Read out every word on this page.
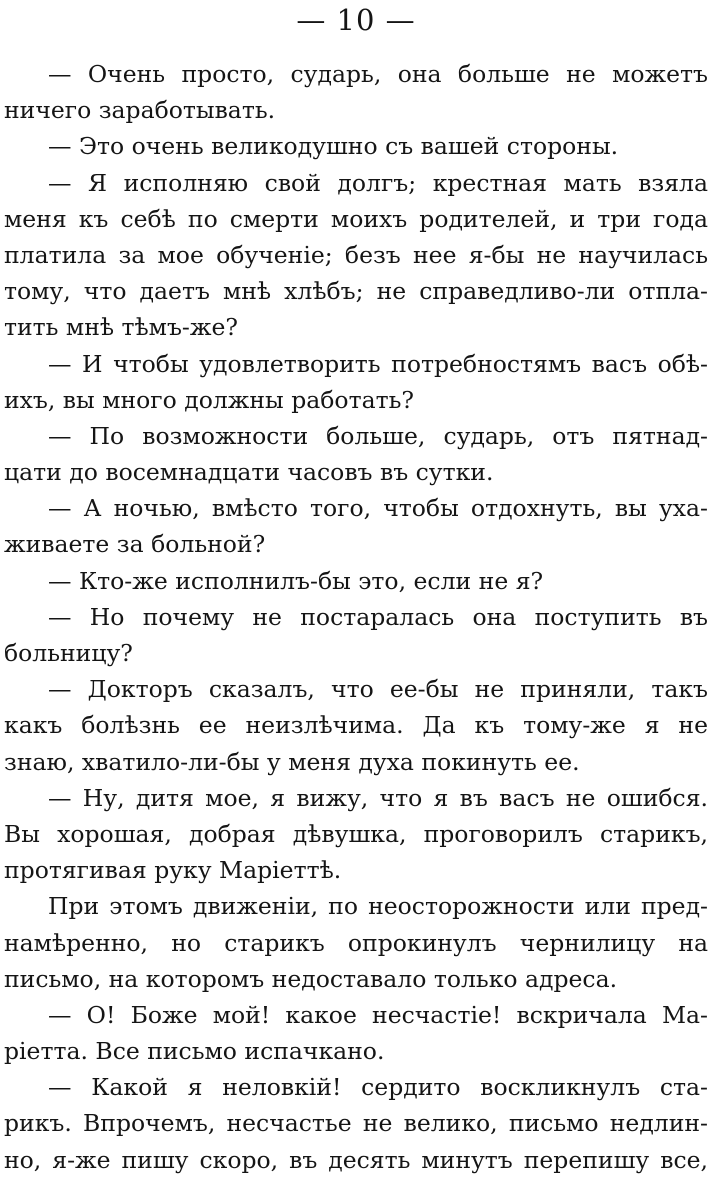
— 10 —
— Очень просто, сударь, она больше не можетъ
ничего заработывать.
— Это очень великодушно съ вашей стороны.
— Я исполняю свой долгъ; крестная мать взяла
меня къ себѣ по смерти моихъ родителей, и три года
платила за мое обученіе; безъ нее я-бы не научилась
тому, что даетъ мнѣ хлѣбъ; не справедливо-ли отпла-
тить мнѣ тѣмъ-же?
— И чтобы удовлетворить потребностямъ васъ обѣ-
ихъ, вы много должны работать?
— По возможности больше, сударь, отъ пятнад-
цати до восемнадцати часовъ въ сутки.
— А ночью, вмѣсто того, чтобы отдохнуть, вы уха-
живаете за больной?
— Кто-же исполнилъ-бы это, если не я?
— Но почему не постаралась она поступить въ
больницу?
— Докторъ сказалъ, что ее-бы не приняли, такъ
какъ болѣзнь ее неизлѣчима. Да къ тому-же я не
знаю, хватило-ли-бы у меня духа покинуть ее.
— Ну, дитя мое, я вижу, что я въ васъ не ошибся.
Вы хорошая, добрая дѣвушка, проговорилъ старикъ,
протягивая руку Маріеттѣ.
При этомъ движеніи, по неосторожности или пред-
намѣренно, но старикъ опрокинулъ чернилицу на
письмо, на которомъ недоставало только адреса.
— О! Боже мой! какое несчастіе! вскричала Ма-
ріетта. Все письмо испачкано.
— Какой я неловкій! сердито воскликнулъ ста-
рикъ. Впрочемъ, несчастье не велико, письмо недлин-
но, я-же пишу скоро, въ десять минутъ перепишу все,
